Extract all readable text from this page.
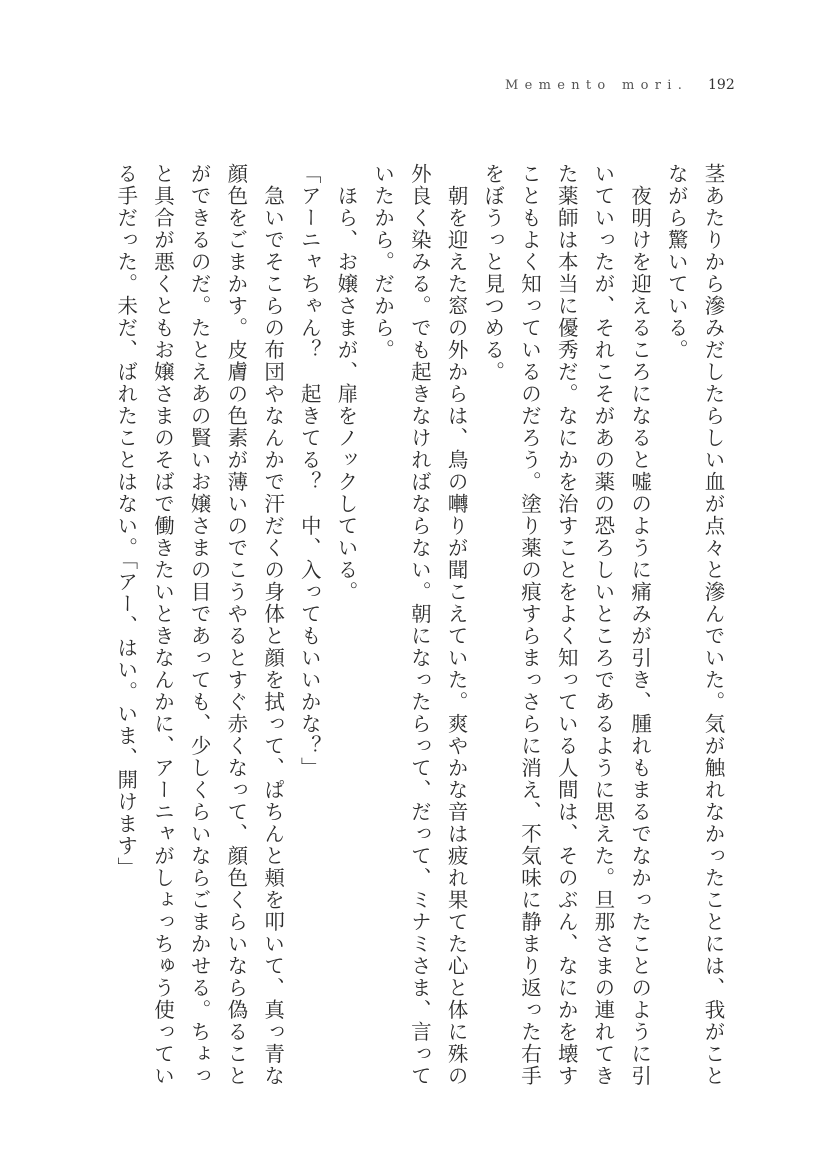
Memento mori. 192
茎あたりから滲みだしたらしい血が点々と滲んでいた。気が触れなかったことには、我がこと
ながら驚いている。
　夜明けを迎えるころになると嘘のように痛みが引き、腫れもまるでなかったことのように引
いていったが、それこそがあの薬の恐ろしいところであるように思えた。旦那さまの連れてき
た薬師は本当に優秀だ。なにかを治すことをよく知っている人間は、そのぶん、なにかを壊す
こともよく知っているのだろう。塗り薬の痕すらまっさらに消え、不気味に静まり返った右手
をぼうっと見つめる。
　朝を迎えた窓の外からは、鳥の囀りが聞こえていた。爽やかな音は疲れ果てた心と体に殊の
外良く染みる。でも起きなければならない。朝になったらって、だって、ミナミさま、言って
いたから。だから。
　ほら、お嬢さまが、扉をノックしている。
「アーニャちゃん？　起きてる？　中、入ってもいいかな？」
　急いでそこらの布団やなんかで汗だくの身体と顔を拭って、ぱちんと頬を叩いて、真っ青な
顔色をごまかす。皮膚の色素が薄いのでこうやるとすぐ赤くなって、顔色くらいなら偽ること
ができるのだ。たとえあの賢いお嬢さまの目であっても、少しくらいならごまかせる。ちょっ
と具合が悪くともお嬢さまのそばで働きたいときなんかに、アーニャがしょっちゅう使ってい
る手だった。未だ、ばれたことはない。「アー、はい。いま、開けます」
